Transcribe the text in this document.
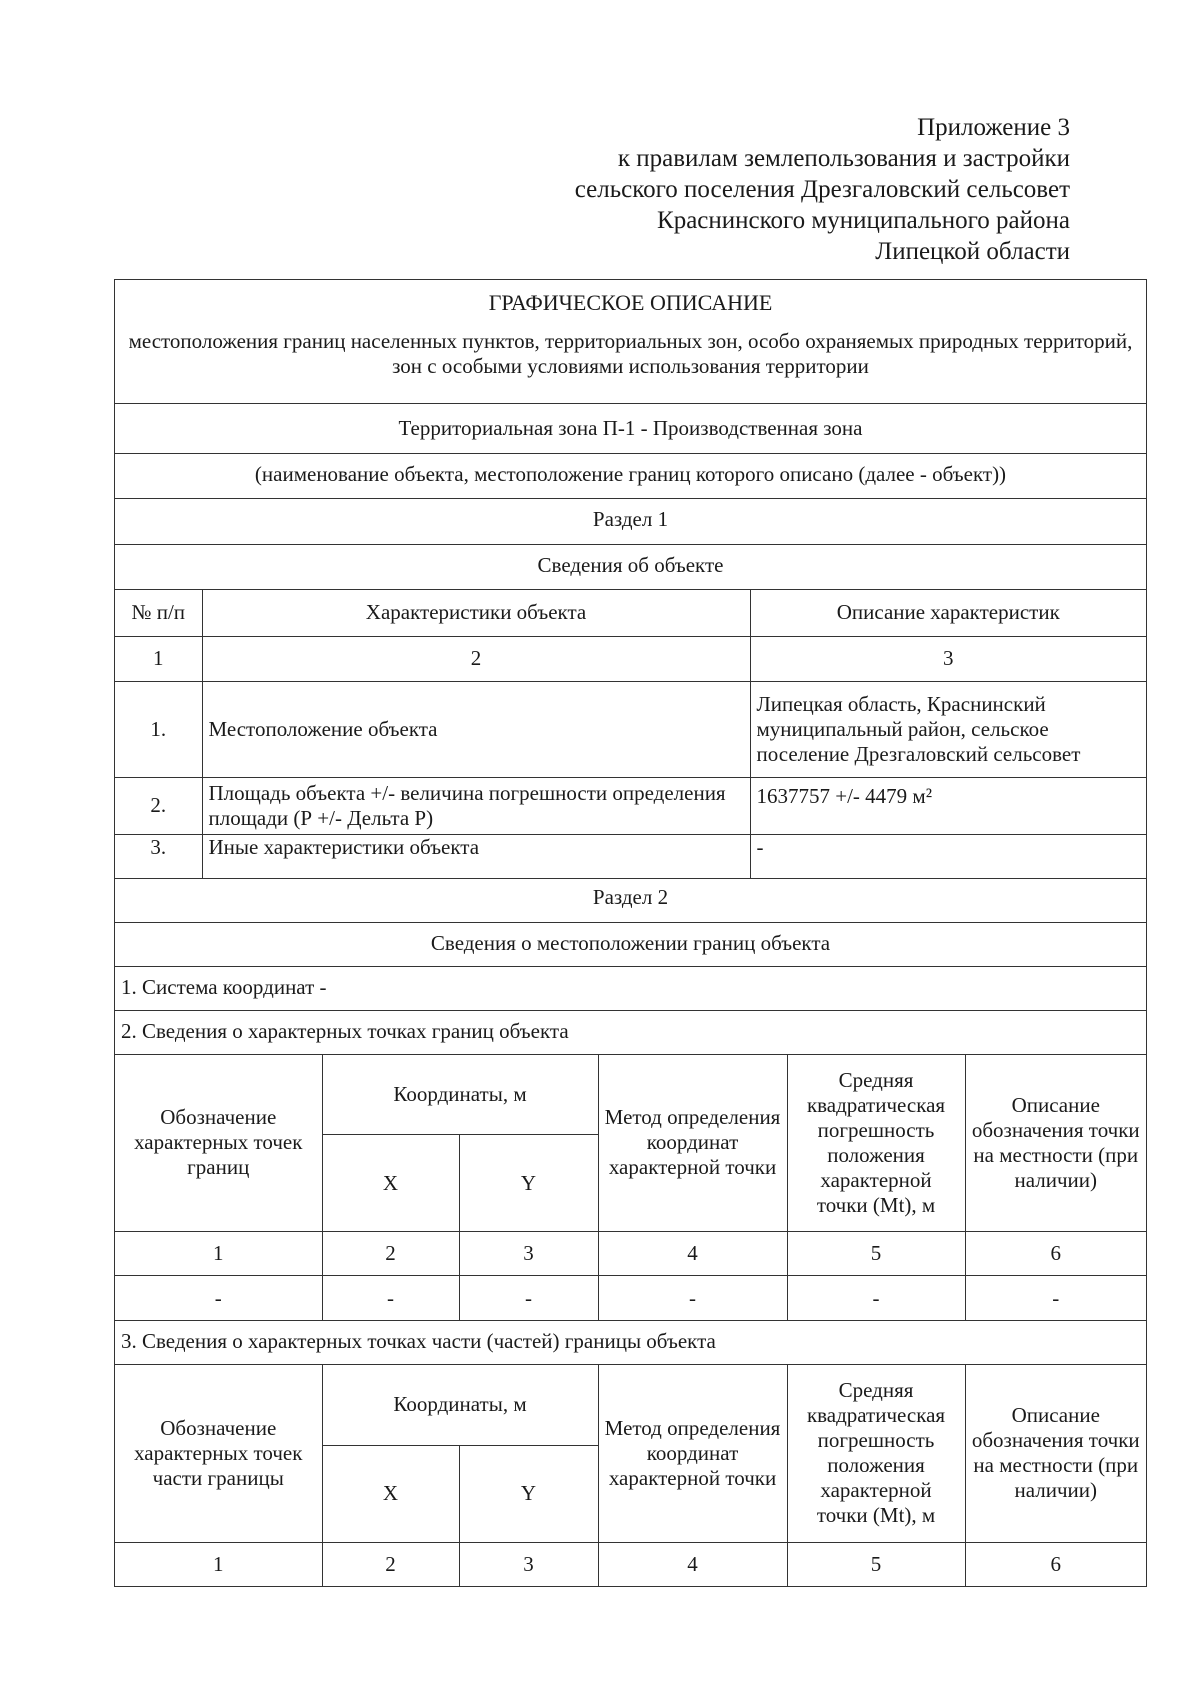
Приложение 3
к правилам землепользования и застройки
сельского поселения Дрезгаловский сельсовет
Краснинского муниципального района
Липецкой области
ГРАФИЧЕСКОЕ ОПИСАНИЕ
местоположения границ населенных пунктов, территориальных зон, особо охраняемых природных территорий, зон с особыми условиями использования территории
Территориальная зона П-1 - Производственная зона
(наименование объекта, местоположение границ которого описано (далее - объект))
Раздел 1
Сведения об объекте
№ п/п	Характеристики объекта	Описание характеристик
1	2	3
1.	Местоположение объекта	Липецкая область, Краснинский муниципальный район, сельское поселение Дрезгаловский сельсовет
2.	Площадь объекта +/- величина погрешности определения площади (Р +/- Дельта Р)	1637757 +/- 4479 м²
3.	Иные характеристики объекта	-
Раздел 2
Сведения о местоположении границ объекта
1. Система координат -
2. Сведения о характерных точках границ объекта
Обозначение характерных точек границ	Координаты, м		Метод определения координат характерной точки	Средняя квадратическая погрешность положения характерной точки (Mt), м	Описание обозначения точки на местности (при наличии)
	X	Y			
1	2	3	4	5	6
-	-	-	-	-	-
3. Сведения о характерных точках части (частей) границы объекта
Обозначение характерных точек части границы	Координаты, м		Метод определения координат характерной точки	Средняя квадратическая погрешность положения характерной точки (Mt), м	Описание обозначения точки на местности (при наличии)
	X	Y			
1	2	3	4	5	6
